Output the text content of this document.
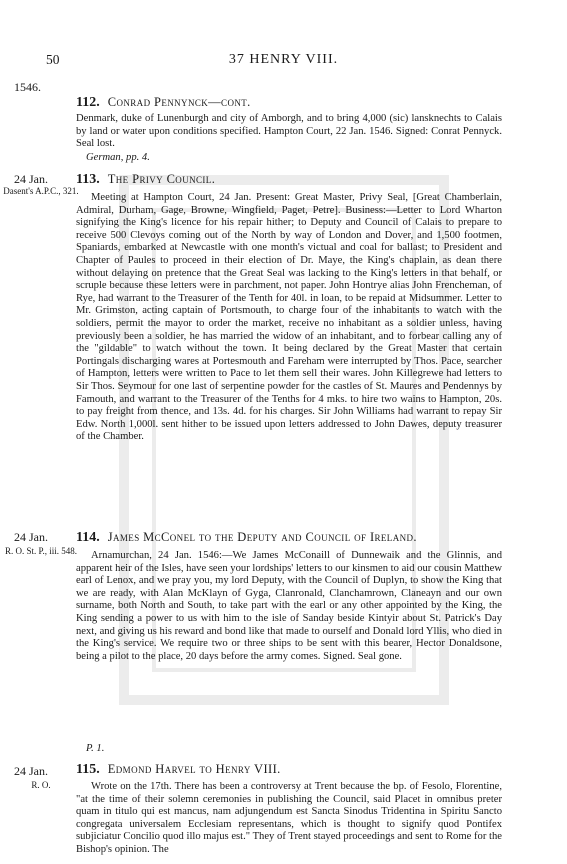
50	37 HENRY VIII.
1546.
112. Conrad Pennynck—cont.
Denmark, duke of Lunenburgh and city of Amborgh, and to bring 4,000 (sic) lansknechts to Calais by land or water upon conditions specified. Hampton Court, 22 Jan. 1546. Signed: Conrat Pennyck. Seal lost.
German, pp. 4.
24 Jan.
Dasent's A.P.C., 321.
113. The Privy Council.
Meeting at Hampton Court, 24 Jan. Present: Great Master, Privy Seal, [Great Chamberlain, Admiral, Durham, Gage, Browne, Wingfield, Paget, Petre]. Business:—Letter to Lord Wharton signifying the King's licence for his repair hither; to Deputy and Council of Calais to prepare to receive 500 Clevoys coming out of the North by way of London and Dover, and 1,500 footmen, Spaniards, embarked at Newcastle with one month's victual and coal for ballast; to President and Chapter of Paules to proceed in their election of Dr. Maye, the King's chaplain, as dean there without delaying on pretence that the Great Seal was lacking to the King's letters in that behalf, or scruple because these letters were in parchment, not paper. John Hontrye alias John Frencheman, of Rye, had warrant to the Treasurer of the Tenth for 40l. in loan, to be repaid at Midsummer. Letter to Mr. Grimston, acting captain of Portsmouth, to charge four of the inhabitants to watch with the soldiers, permit the mayor to order the market, receive no inhabitant as a soldier unless, having previously been a soldier, he has married the widow of an inhabitant, and to forbear calling any of the "gildable" to watch without the town. It being declared by the Great Master that certain Portingals discharging wares at Portesmouth and Fareham were interrupted by Thos. Pace, searcher of Hampton, letters were written to Pace to let them sell their wares. John Killegrewe had letters to Sir Thos. Seymour for one last of serpentine powder for the castles of St. Maures and Pendennys by Famouth, and warrant to the Treasurer of the Tenths for 4 mks. to hire two wains to Hampton, 20s. to pay freight from thence, and 13s. 4d. for his charges. Sir John Williams had warrant to repay Sir Edw. North 1,000l. sent hither to be issued upon letters addressed to John Dawes, deputy treasurer of the Chamber.
24 Jan.
R. O. St. P., iii. 548.
114. James McConel to the Deputy and Council of Ireland.
Arnamurchan, 24 Jan. 1546:—We James McConaill of Dunnewaik and the Glinnis, and apparent heir of the Isles, have seen your lordships' letters to our kinsmen to aid our cousin Matthew earl of Lenox, and we pray you, my lord Deputy, with the Council of Duplyn, to show the King that we are ready, with Alan McKlayn of Gyga, Clanronald, Clanchamrown, Claneayn and our own surname, both North and South, to take part with the earl or any other appointed by the King, the King sending a power to us with him to the isle of Sanday beside Kintyir about St. Patrick's Day next, and giving us his reward and bond like that made to ourself and Donald lord Yllis, who died in the King's service. We require two or three ships to be sent with this bearer, Hector Donaldsone, being a pilot to the place, 20 days before the army comes. Signed. Seal gone.
P. 1.
24 Jan.
R. O.
115. Edmond Harvel to Henry VIII.
Wrote on the 17th. There has been a controversy at Trent because the bp. of Fesolo, Florentine, "at the time of their solemn ceremonies in publishing the Council, said Placet in omnibus preter quam in titulo qui est mancus, nam adjungendum est Sancta Sinodus Tridentina in Spiritu Sancto congregata universalem Ecclesiam representans, which is thought to signify quod Pontifex subjiciatur Concilio quod illo majus est." They of Trent stayed proceedings and sent to Rome for the Bishop's opinion. The
